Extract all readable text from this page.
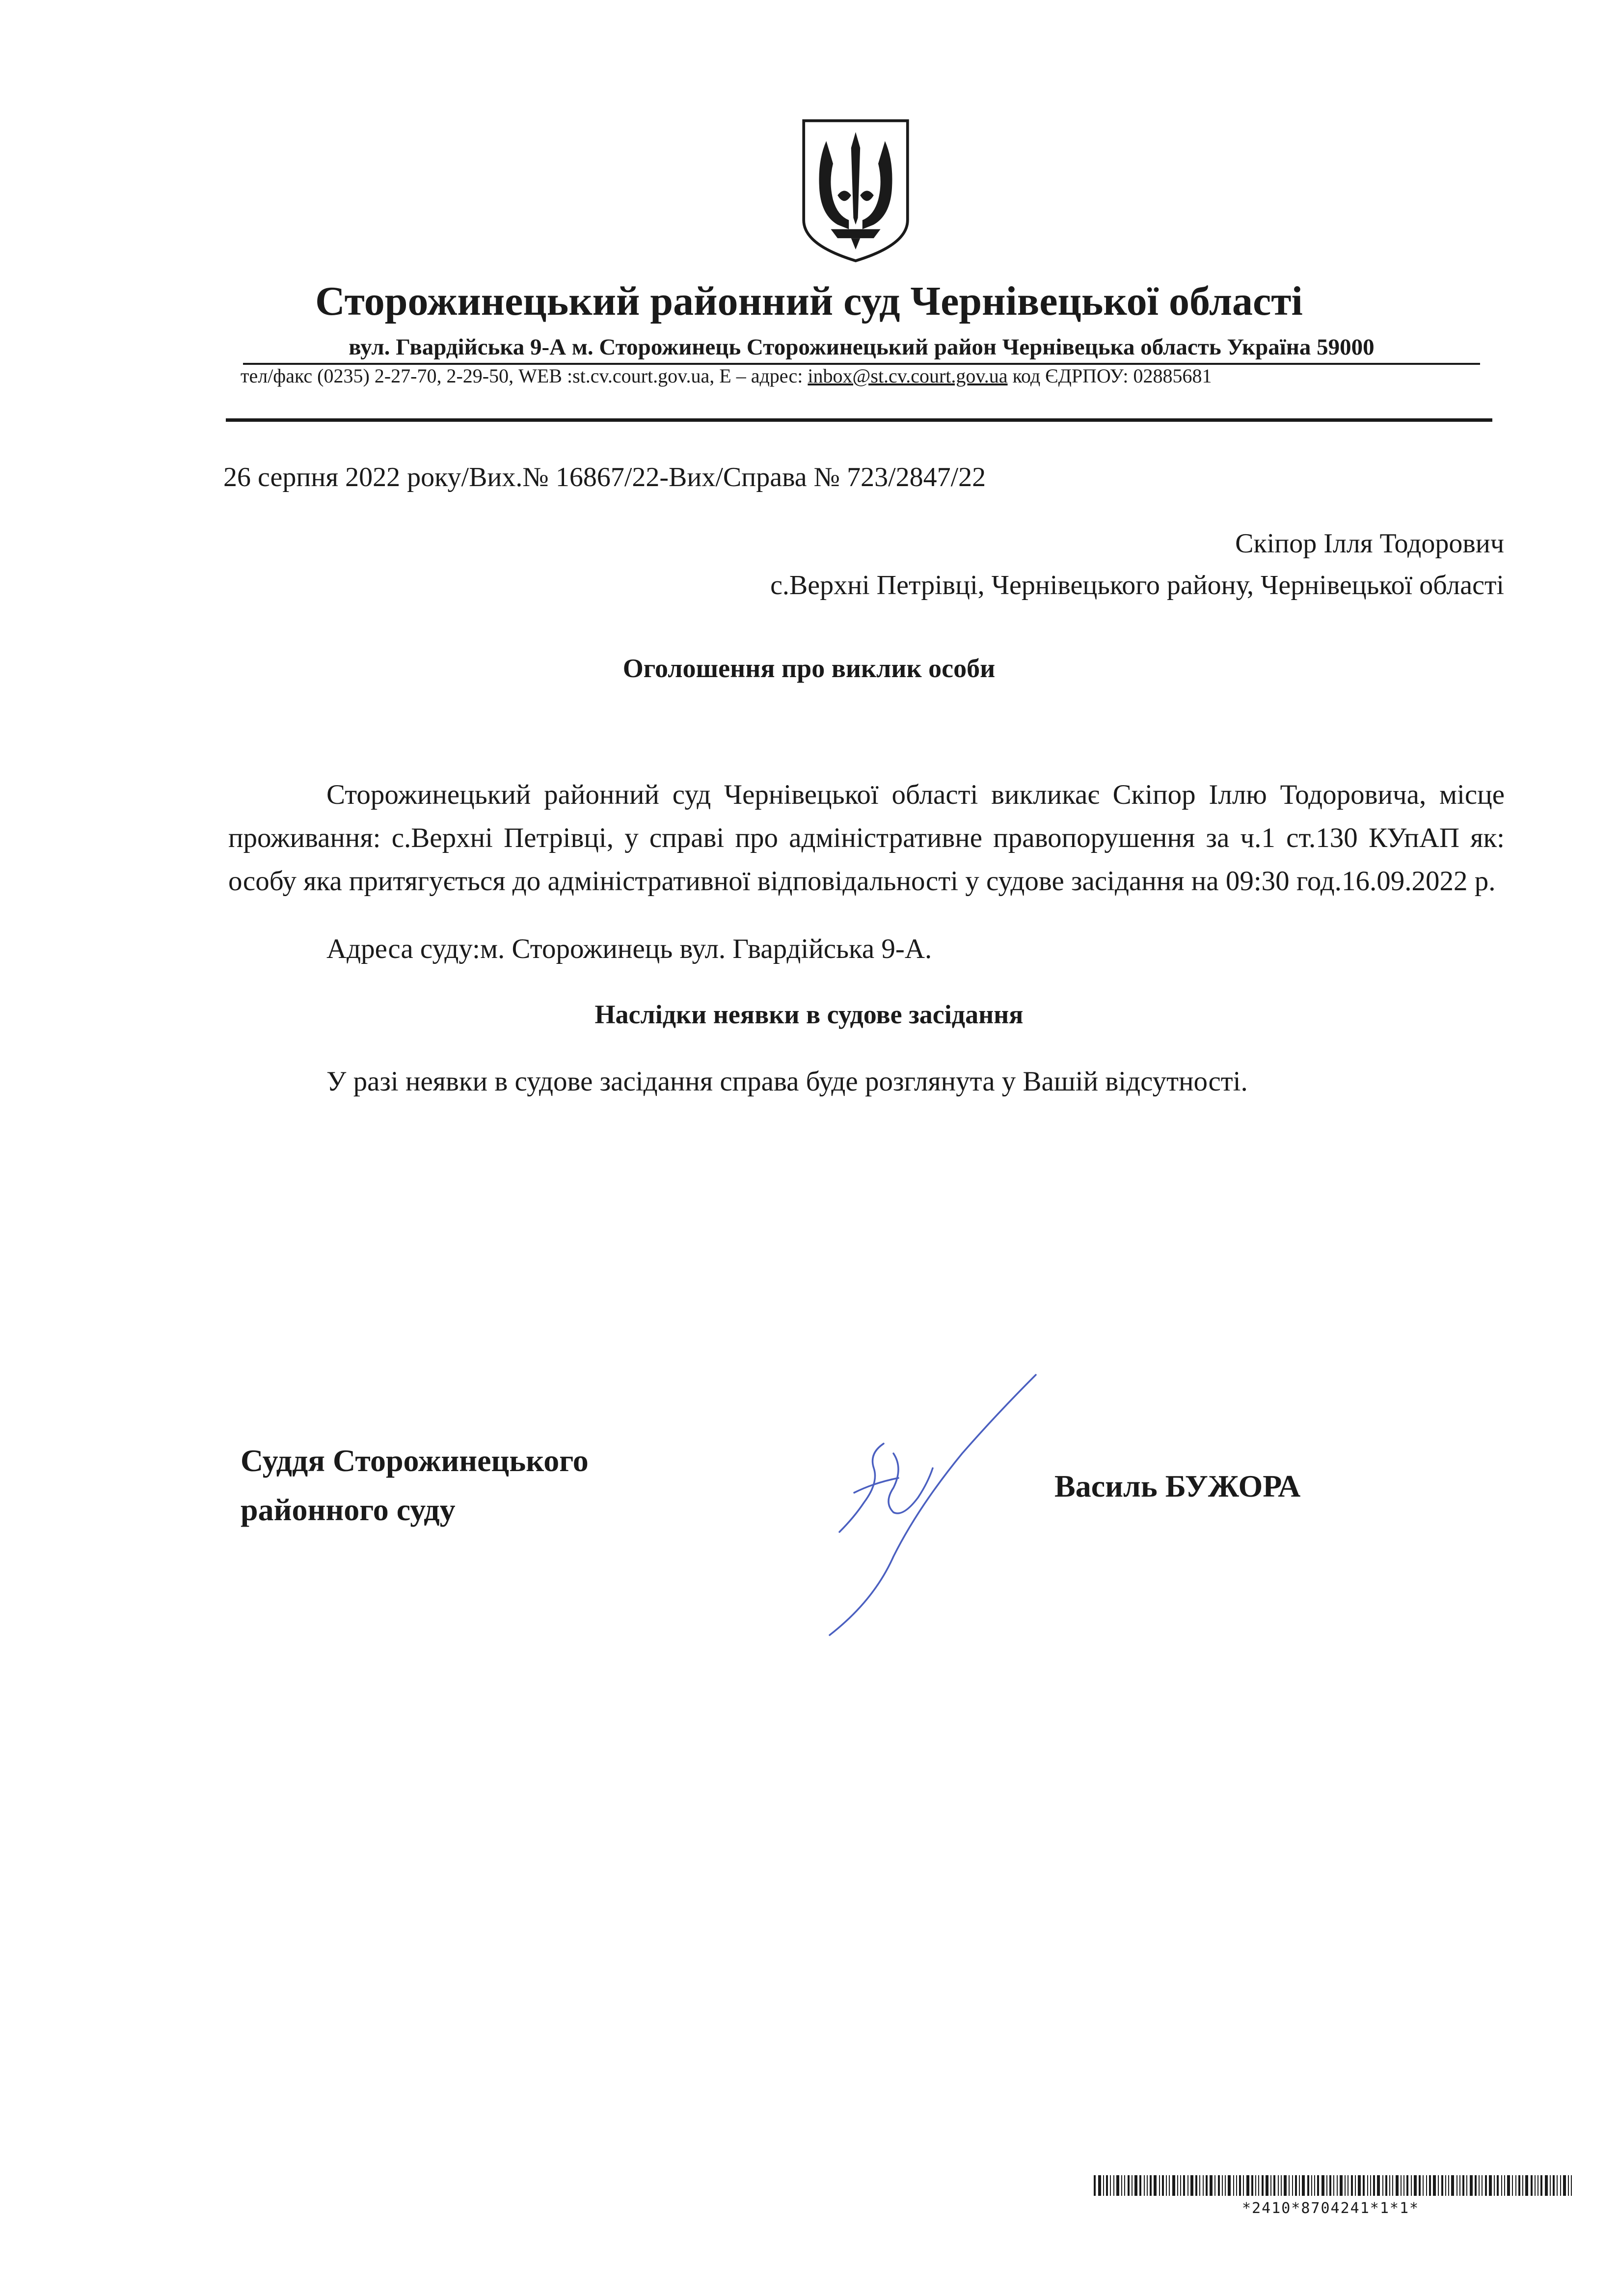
Сторожинецький районний суд Чернівецької області
вул. Гвардійська 9-А м. Сторожинець Сторожинецький район Чернівецька область Україна 59000
тел/факс (0235) 2-27-70, 2-29-50, WEB :st.cv.court.gov.ua, E – адрес: inbox@st.cv.court.gov.ua код ЄДРПОУ: 02885681
26 серпня 2022 року/Вих.№ 16867/22-Вих/Справа № 723/2847/22
Скіпор Ілля Тодорович
с.Верхні Петрівці, Чернівецького району, Чернівецької області
Оголошення про виклик особи
Сторожинецький районний суд Чернівецької області викликає Скіпор Іллю Тодоровича, місце проживання: с.Верхні Петрівці, у справі про адміністративне правопорушення за ч.1 ст.130 КУпАП як: особу яка притягується до адміністративної відповідальності у судове засідання на 09:30 год.16.09.2022 р.
Адреса суду:м. Сторожинець вул. Гвардійська 9-А.
Наслідки неявки в судове засідання
У разі неявки в судове засідання справа буде розглянута у Вашій відсутності.
Суддя Сторожинецького
районного суду
Василь БУЖОРА
*2410*8704241*1*1*
